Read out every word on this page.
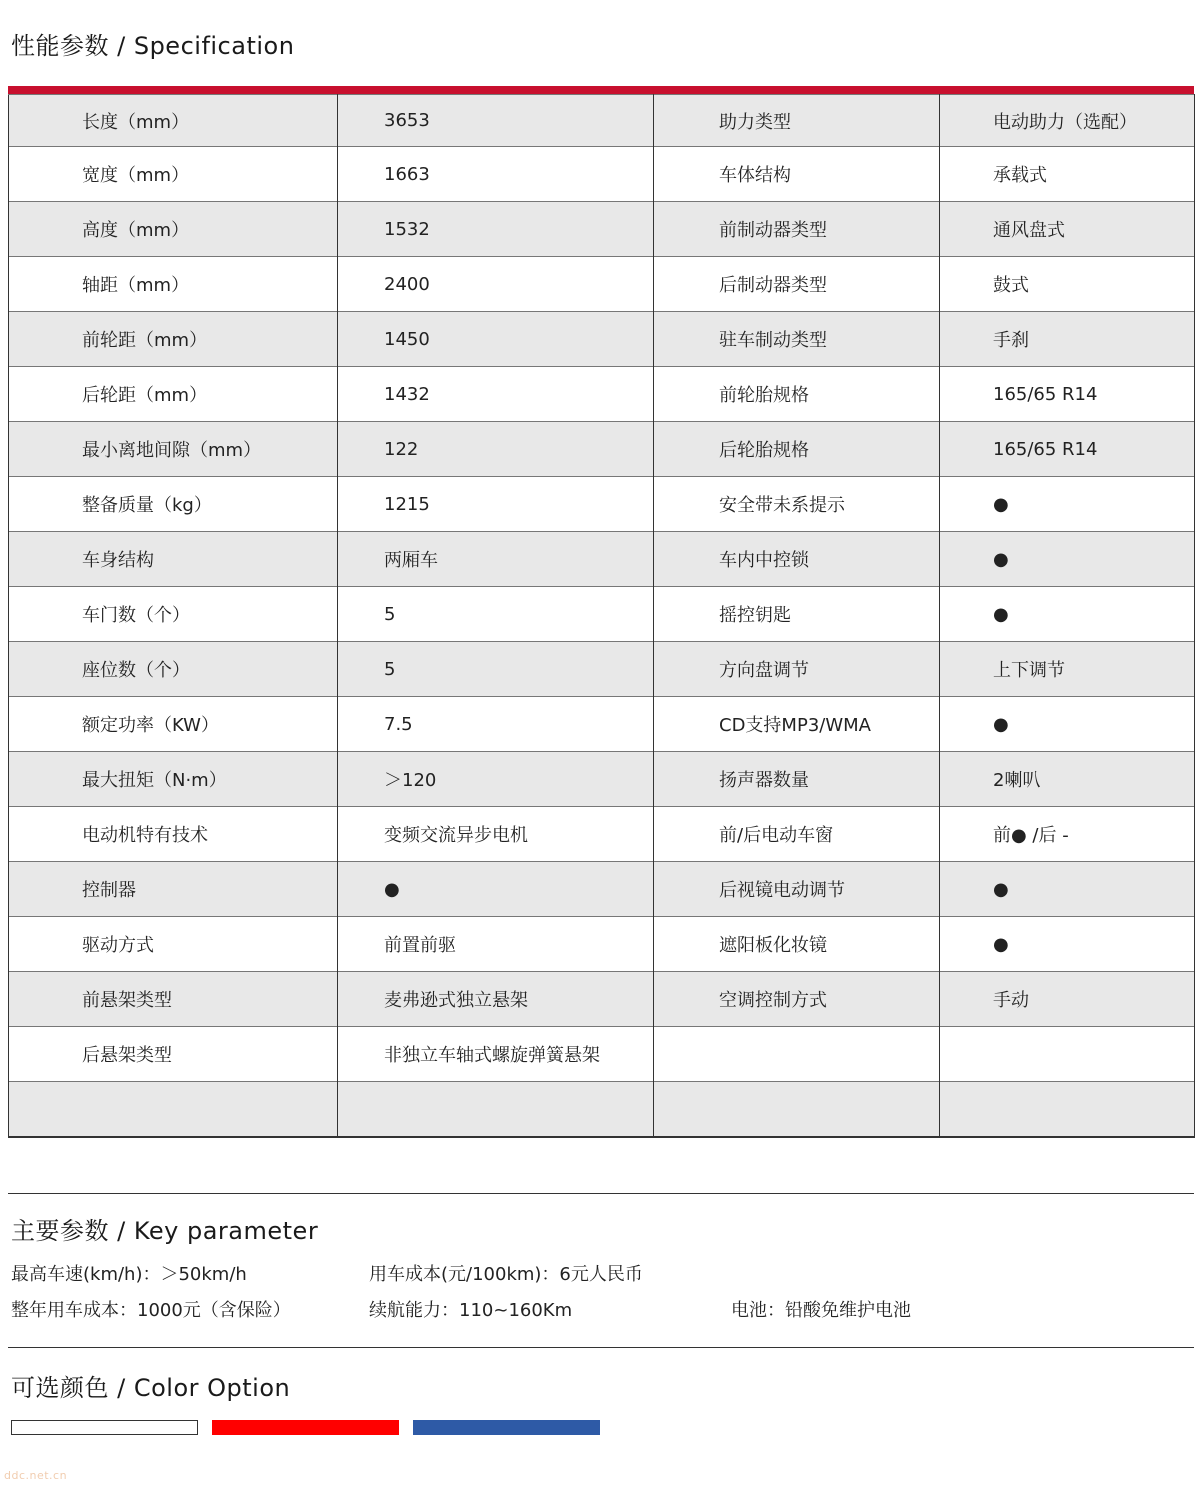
性能参数 / Specification
长度（mm）	3653	助力类型	电动助力（选配）
宽度（mm）	1663	车体结构	承载式
高度（mm）	1532	前制动器类型	通风盘式
轴距（mm）	2400	后制动器类型	鼓式
前轮距（mm）	1450	驻车制动类型	手刹
后轮距（mm）	1432	前轮胎规格	165/65 R14
最小离地间隙（mm）	122	后轮胎规格	165/65 R14
整备质量（kg）	1215	安全带未系提示	●
车身结构	两厢车	车内中控锁	●
车门数（个）	5	摇控钥匙	●
座位数（个）	5	方向盘调节	上下调节
额定功率（KW）	7.5	CD支持MP3/WMA	●
最大扭矩（N·m）	＞120	扬声器数量	2喇叭
电动机特有技术	变频交流异步电机	前/后电动车窗	前● /后 -
控制器	●	后视镜电动调节	●
驱动方式	前置前驱	遮阳板化妆镜	●
前悬架类型	麦弗逊式独立悬架	空调控制方式	手动
后悬架类型	非独立车轴式螺旋弹簧悬架		

主要参数 / Key parameter
最高车速(km/h)：＞50km/h	用车成本(元/100km)：6元人民币
整年用车成本：1000元（含保险）	续航能力：110~160Km	电池：铅酸免维护电池
可选颜色 / Color Option
ddc.net.cn
